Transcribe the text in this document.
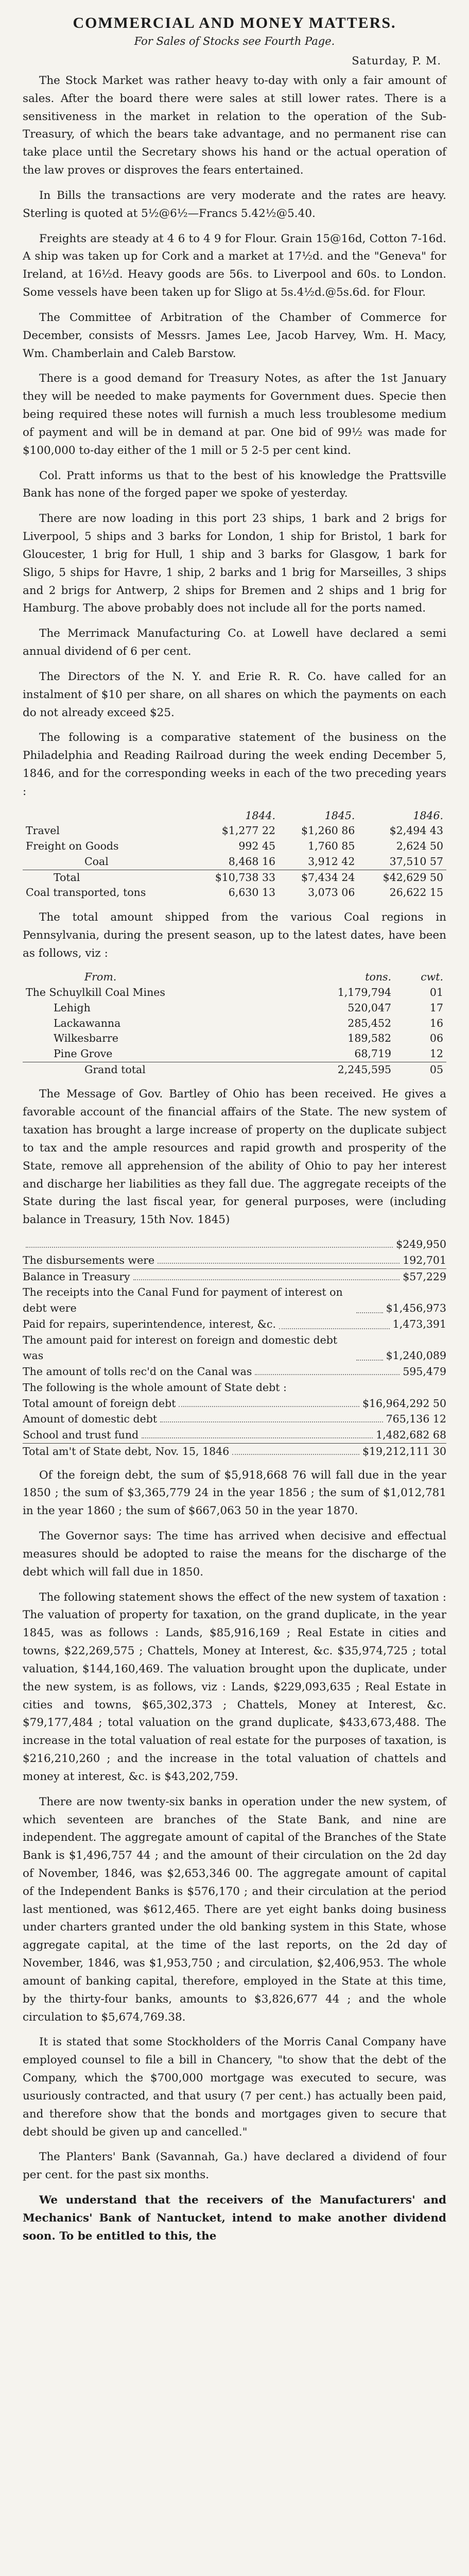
COMMERCIAL AND MONEY MATTERS.
For Sales of Stocks see Fourth Page.
Saturday, P. M.

The Stock Market was rather heavy to-day with only a fair amount of sales. After the board there were sales at still lower rates. There is a sensitiveness in the market in relation to the operation of the Sub-Treasury, of which the bears take advantage, and no permanent rise can take place until the Secretary shows his hand or the actual operation of the law proves or disproves the fears entertained.

In Bills the transactions are very moderate and the rates are heavy. Sterling is quoted at 5½@6½—Francs 5.42½@5.40.

Freights are steady at 4 6 to 4 9 for Flour. Grain 15@16d, Cotton 7-16d. A ship was taken up for Cork and a market at 17½d. and the "Geneva" for Ireland, at 16½d. Heavy goods are 56s. to Liverpool and 60s. to London. Some vessels have been taken up for Sligo at 5s.4½d.@5s.6d. for Flour.

The Committee of Arbitration of the Chamber of Commerce for December, consists of Messrs. James Lee, Jacob Harvey, Wm. H. Macy, Wm. Chamberlain and Caleb Barstow.

There is a good demand for Treasury Notes, as after the 1st January they will be needed to make payments for Government dues. Specie then being required these notes will furnish a much less troublesome medium of payment and will be in demand at par. One bid of 99½ was made for $100,000 to-day either of the 1 mill or 5 2-5 per cent kind.

Col. Pratt informs us that to the best of his knowledge the Prattsville Bank has none of the forged paper we spoke of yesterday.

There are now loading in this port 23 ships, 1 bark and 2 brigs for Liverpool, 5 ships and 3 barks for London, 1 ship for Bristol, 1 bark for Gloucester, 1 brig for Hull, 1 ship and 3 barks for Glasgow, 1 bark for Sligo, 5 ships for Havre, 1 ship, 2 barks and 1 brig for Marseilles, 3 ships and 2 brigs for Antwerp, 2 ships for Bremen and 2 ships and 1 brig for Hamburg. The above probably does not include all for the ports named.

The Merrimack Manufacturing Co. at Lowell have declared a semi annual dividend of 6 per cent.

The Directors of the N. Y. and Erie R. R. Co. have called for an instalment of $10 per share, on all shares on which the payments on each do not already exceed $25.

The following is a comparative statement of the business on the Philadelphia and Reading Railroad during the week ending December 5, 1846, and for the corresponding weeks in each of the two preceding years :

	1844.	1845.	1846.
Travel	$1,277 22	$1,260 86	$2,494 43
Freight on Goods	992 45	1,760 85	2,624 50
Coal	8,468 16	3,912 42	37,510 57
Total	$10,738 33	$7,434 24	$42,629 50
Coal transported, tons	6,630 13	3,073 06	26,622 15

The total amount shipped from the various Coal regions in Pennsylvania, during the present season, up to the latest dates, have been as follows, viz :

From.	tons.	cwt.
The Schuylkill Coal Mines	1,179,794	01
Lehigh	520,047	17
Lackawanna	285,452	16
Wilkesbarre	189,582	06
Pine Grove	68,719	12
Grand total	2,245,595	05

The Message of Gov. Bartley of Ohio has been received. He gives a favorable account of the financial affairs of the State. The new system of taxation has brought a large increase of property on the duplicate subject to tax and the ample resources and rapid growth and prosperity of the State, remove all apprehension of the ability of Ohio to pay her interest and discharge her liabilities as they fall due. The aggregate receipts of the State during the last fiscal year, for general purposes, were (including balance in Treasury, 15th Nov. 1845)

$249,950
The disbursements were	192,701
Balance in Treasury	$57,229
The receipts into the Canal Fund for payment of interest on debt were	$1,456,973
Paid for repairs, superintendence, interest, &c.	1,473,391
The amount paid for interest on foreign and domestic debt was	$1,240,089
The amount of tolls rec'd on the Canal was	595,479
The following is the whole amount of State debt :
Total amount of foreign debt	$16,964,292 50
Amount of domestic debt	765,136 12
School and trust fund	1,482,682 68
Total am't of State debt, Nov. 15, 1846	$19,212,111 30

Of the foreign debt, the sum of $5,918,668 76 will fall due in the year 1850 ; the sum of $3,365,779 24 in the year 1856 ; the sum of $1,012,781 in the year 1860 ; the sum of $667,063 50 in the year 1870.

The Governor says: The time has arrived when decisive and effectual measures should be adopted to raise the means for the discharge of the debt which will fall due in 1850.

The following statement shows the effect of the new system of taxation : The valuation of property for taxation, on the grand duplicate, in the year 1845, was as follows : Lands, $85,916,169 ; Real Estate in cities and towns, $22,269,575 ; Chattels, Money at Interest, &c. $35,974,725 ; total valuation, $144,160,469. The valuation brought upon the duplicate, under the new system, is as follows, viz : Lands, $229,093,635 ; Real Estate in cities and towns, $65,302,373 ; Chattels, Money at Interest, &c. $79,177,484 ; total valuation on the grand duplicate, $433,673,488. The increase in the total valuation of real estate for the purposes of taxation, is $216,210,260 ; and the increase in the total valuation of chattels and money at interest, &c. is $43,202,759.

There are now twenty-six banks in operation under the new system, of which seventeen are branches of the State Bank, and nine are independent. The aggregate amount of capital of the Branches of the State Bank is $1,496,757 44 ; and the amount of their circulation on the 2d day of November, 1846, was $2,653,346 00. The aggregate amount of capital of the Independent Banks is $576,170 ; and their circulation at the period last mentioned, was $612,465. There are yet eight banks doing business under charters granted under the old banking system in this State, whose aggregate capital, at the time of the last reports, on the 2d day of November, 1846, was $1,953,750 ; and circulation, $2,406,953. The whole amount of banking capital, therefore, employed in the State at this time, by the thirty-four banks, amounts to $3,826,677 44 ; and the whole circulation to $5,674,769.38.

It is stated that some Stockholders of the Morris Canal Company have employed counsel to file a bill in Chancery, "to show that the debt of the Company, which the $700,000 mortgage was executed to secure, was usuriously contracted, and that usury (7 per cent.) has actually been paid, and therefore show that the bonds and mortgages given to secure that debt should be given up and cancelled."

The Planters' Bank (Savannah, Ga.) have declared a dividend of four per cent. for the past six months.

We understand that the receivers of the Manufacturers' and Mechanics' Bank of Nantucket, intend to make another dividend soon. To be entitled to this, the
